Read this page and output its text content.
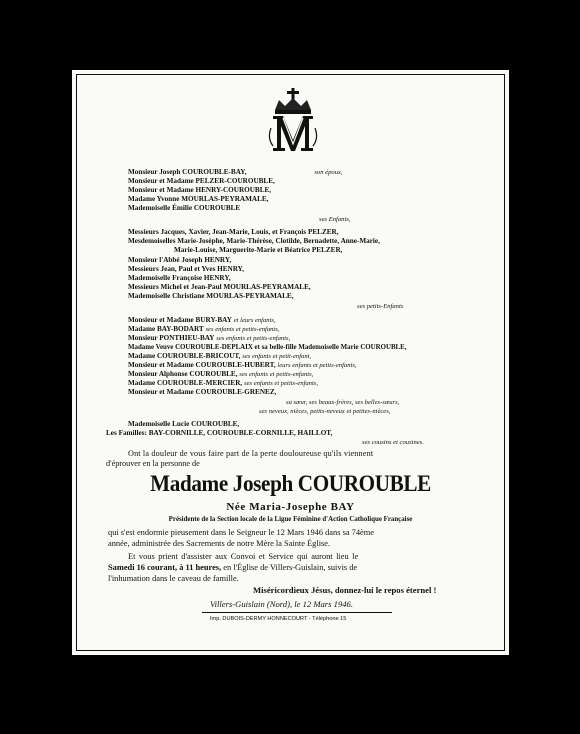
Monsieur Joseph COUROUBLE-BAY,	son époux,
Monsieur et Madame PELZER-COUROUBLE,
Monsieur et Madame HENRY-COUROUBLE,
Madame Yvonne MOURLAS-PEYRAMALE,
Mademoiselle Émilie COUROUBLE
ses Enfants,
Messieurs Jacques, Xavier, Jean-Marie, Louis, et François PELZER,
Mesdemoiselles Marie-Josèphe, Marie-Thérèse, Clotilde, Bernadette, Anne-Marie,
Marie-Louise, Marguerite-Marie et Béatrice PELZER,
Monsieur l'Abbé Joseph HENRY,
Messieurs Jean, Paul et Yves HENRY,
Mademoiselle Françoise HENRY,
Messieurs Michel et Jean-Paul MOURLAS-PEYRAMALE,
Mademoiselle Christiane MOURLAS-PEYRAMALE,
ses petits-Enfants
Monsieur et Madame BURY-BAY et leurs enfants,
Madame BAY-BODART ses enfants et petits-enfants,
Monsieur PONTHIEU-BAY ses enfants et petits-enfants,
Madame Veuve COUROUBLE-DEPLAIX et sa belle-fille Mademoiselle Marie COUROUBLE,
Madame COUROUBLE-BRICOUT, ses enfants et petit-enfant,
Monsieur et Madame COUROUBLE-HUBERT, leurs enfants et petits-enfants,
Monsieur Alphonse COUROUBLE, ses enfants et petits-enfants,
Madame COUROUBLE-MERCIER, ses enfants et petits-enfants,
Monsieur et Madame COUROUBLE-GRENEZ,
sa sœur, ses beaux-frères, ses belles-sœurs,
ses neveux, nièces, petits-neveux et petites-nièces,
Mademoiselle Lucie COUROUBLE,
Les Familles: BAY-CORNILLE, COUROUBLE-CORNILLE, HAILLOT,
ses cousins et cousines.
Ont la douleur de vous faire part de la perte douloureuse qu'ils viennent
d'éprouver en la personne de
Madame Joseph COUROUBLE
Née Maria-Josephe BAY
Présidente de la Section locale de la Ligue Féminine d'Action Catholique Française
qui s'est endormie pieusement dans le Seigneur le 12 Mars 1946 dans sa 74ème
année, administrée des Sacrements de notre Mère la Sainte Église.
Et vous prient d'assister aux Convoi et Service qui auront lieu le
Samedi 16 courant, à 11 heures, en l'Église de Villers-Guislain, suivis de
l'inhumation dans le caveau de famille.
Miséricordieux Jésus, donnez-lui le repos éternel !
Villers-Guislain (Nord), le 12 Mars 1946.
Imp. DUBOIS-DERMY HONNECOURT - Téléphone 15
